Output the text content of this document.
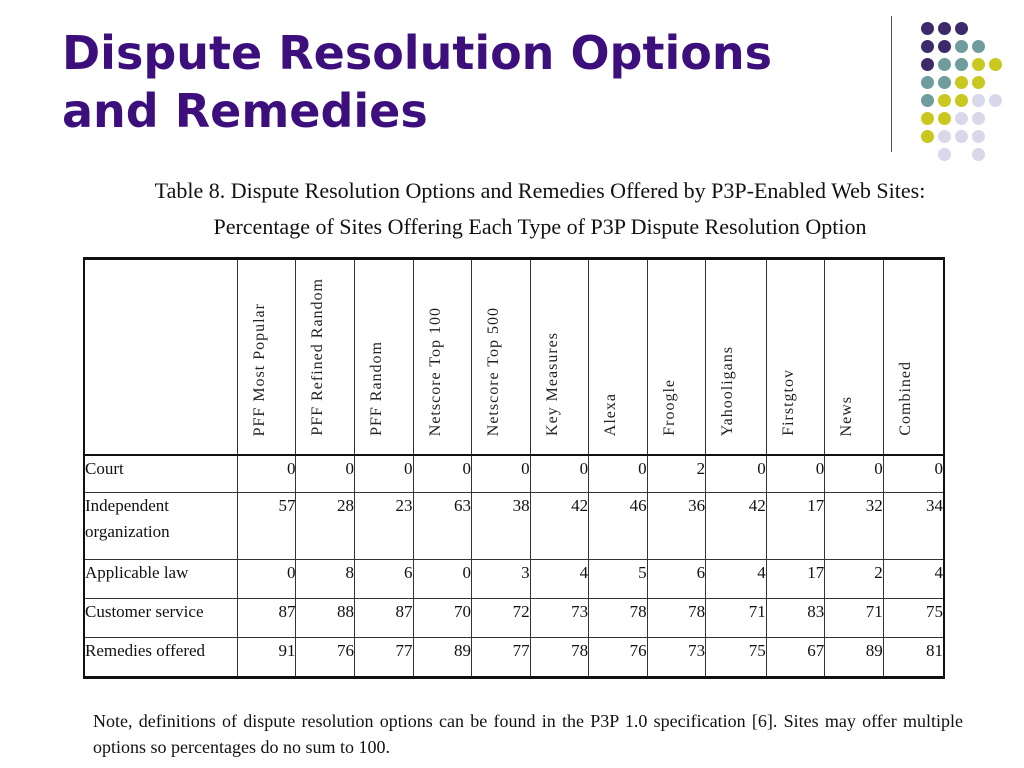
Dispute Resolution Options
and Remedies
Table 8. Dispute Resolution Options and Remedies Offered by P3P-Enabled Web Sites:
Percentage of Sites Offering Each Type of P3P Dispute Resolution Option

	PFF Most Popular	PFF Refined Random	PFF Random	Netscore Top 100	Netscore Top 500	Key Measures	Alexa	Froogle	Yahooligans	Firstgtov	News	Combined

Court	0	0	0	0	0	0	0	2	0	0	0	0
Independent organization	57	28	23	63	38	42	46	36	42	17	32	34
Applicable law	0	8	6	0	3	4	5	6	4	17	2	4
Customer service	87	88	87	70	72	73	78	78	71	83	71	75
Remedies offered	91	76	77	89	77	78	76	73	75	67	89	81
Note, definitions of dispute resolution options can be found in the P3P 1.0 specification [6]. Sites may offer multiple options so percentages do no sum to 100.
